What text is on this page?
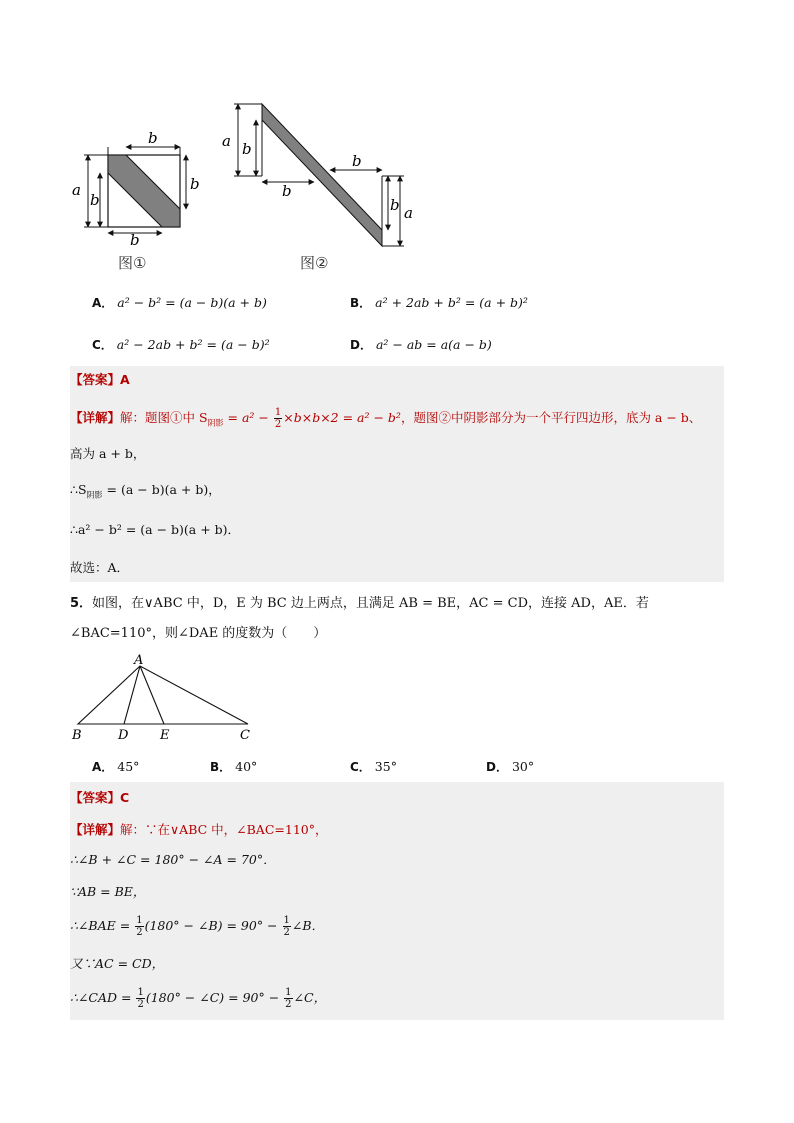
b
b
b
a
b
图①
a b
b
b
b a
图②
A． a² − b² = (a − b)(a + b)	B． a² + 2ab + b² = (a + b)²
C． a² − 2ab + b² = (a − b)²	D． a² − ab = a(a − b)
【答案】A
【详解】解：题图①中 $S_{阴影} = a^2 - \frac{1}{2} \times b\times b\times 2 = a^2 - b^2$，题图②中阴影部分为一个平行四边形，底为 a − b、
高为 a + b，
$\therefore S_{阴影} = (a - b)(a + b)$，
∴a² − b² = (a − b)(a + b)．
故选：A．
5．如图，在∨ABC 中，D，E 为 BC 边上两点，且满足 AB = BE，AC = CD，连接 AD，AE．若
∠BAC=110°，则∠DAE 的度数为（　　）
A
B	D E	C
A． 45°	B． 40°	C． 35°	D． 30°
【答案】C
【详解】解：∵在∨ABC 中，∠BAC=110°，
∴∠B + ∠C = 180° − ∠A = 70°．
∵AB = BE，
∴∠BAE = $\frac{1}{2} (180^\circ$ − ∠B) = $90^\circ - \frac{1}{2}$ ∠B．
又∵AC = CD，
∴∠CAD = $\frac{1}{2} (180^\circ$ − ∠C) = $90^\circ - \frac{1}{2}$ ∠C，
